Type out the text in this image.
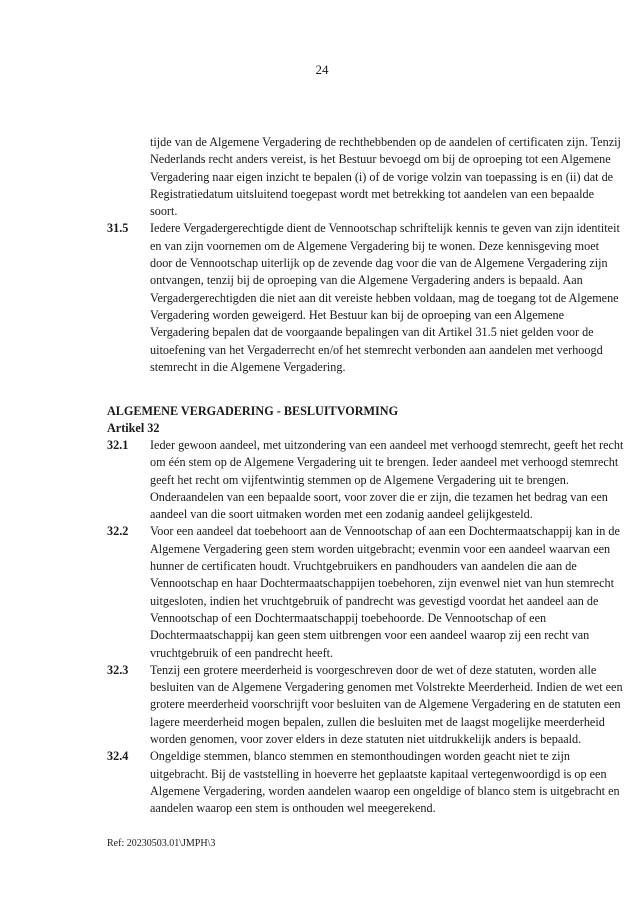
24

tijde van de Algemene Vergadering de rechthebbenden op de aandelen of certificaten zijn. Tenzij Nederlands recht anders vereist, is het Bestuur bevoegd om bij de oproeping tot een Algemene Vergadering naar eigen inzicht te bepalen (i) of de vorige volzin van toepassing is en (ii) dat de Registratiedatum uitsluitend toegepast wordt met betrekking tot aandelen van een bepaalde soort.

31.5 Iedere Vergadergerechtigde dient de Vennootschap schriftelijk kennis te geven van zijn identiteit en van zijn voornemen om de Algemene Vergadering bij te wonen. Deze kennisgeving moet door de Vennootschap uiterlijk op de zevende dag voor die van de Algemene Vergadering zijn ontvangen, tenzij bij de oproeping van die Algemene Vergadering anders is bepaald. Aan Vergadergerechtigden die niet aan dit vereiste hebben voldaan, mag de toegang tot de Algemene Vergadering worden geweigerd. Het Bestuur kan bij de oproeping van een Algemene Vergadering bepalen dat de voorgaande bepalingen van dit Artikel 31.5 niet gelden voor de uitoefening van het Vergaderrecht en/of het stemrecht verbonden aan aandelen met verhoogd stemrecht in die Algemene Vergadering.

ALGEMENE VERGADERING - BESLUITVORMING
Artikel 32
32.1 Ieder gewoon aandeel, met uitzondering van een aandeel met verhoogd stemrecht, geeft het recht om één stem op de Algemene Vergadering uit te brengen. Ieder aandeel met verhoogd stemrecht geeft het recht om vijfentwintig stemmen op de Algemene Vergadering uit te brengen. Onderaandelen van een bepaalde soort, voor zover die er zijn, die tezamen het bedrag van een aandeel van die soort uitmaken worden met een zodanig aandeel gelijkgesteld.

32.2 Voor een aandeel dat toebehoort aan de Vennootschap of aan een Dochtermaatschappij kan in de Algemene Vergadering geen stem worden uitgebracht; evenmin voor een aandeel waarvan een hunner de certificaten houdt. Vruchtgebruikers en pandhouders van aandelen die aan de Vennootschap en haar Dochtermaatschappijen toebehoren, zijn evenwel niet van hun stemrecht uitgesloten, indien het vruchtgebruik of pandrecht was gevestigd voordat het aandeel aan de Vennootschap of een Dochtermaatschappij toebehoorde. De Vennootschap of een Dochtermaatschappij kan geen stem uitbrengen voor een aandeel waarop zij een recht van vruchtgebruik of een pandrecht heeft.

32.3 Tenzij een grotere meerderheid is voorgeschreven door de wet of deze statuten, worden alle besluiten van de Algemene Vergadering genomen met Volstrekte Meerderheid. Indien de wet een grotere meerderheid voorschrijft voor besluiten van de Algemene Vergadering en de statuten een lagere meerderheid mogen bepalen, zullen die besluiten met de laagst mogelijke meerderheid worden genomen, voor zover elders in deze statuten niet uitdrukkelijk anders is bepaald.

32.4 Ongeldige stemmen, blanco stemmen en stemonthoudingen worden geacht niet te zijn uitgebracht. Bij de vaststelling in hoeverre het geplaatste kapitaal vertegenwoordigd is op een Algemene Vergadering, worden aandelen waarop een ongeldige of blanco stem is uitgebracht en aandelen waarop een stem is onthouden wel meegerekend.

Ref: 20230503.01\JMPH\3
